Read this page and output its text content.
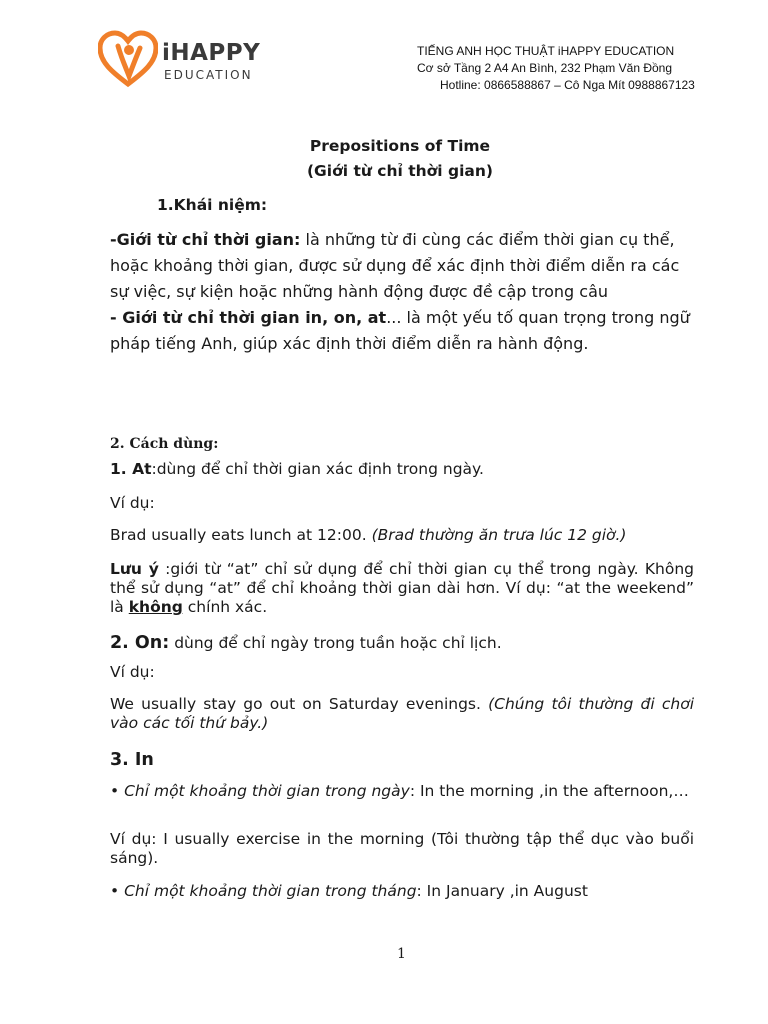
iHAPPY
EDUCATION
TIẾNG ANH HỌC THUẬT iHAPPY EDUCATION
Cơ sở Tầng 2 A4 An Bình, 232 Phạm Văn Đồng
Hotline: 0866588867 – Cô Nga Mít 0988867123
Prepositions of Time
(Giới từ chỉ thời gian)
1.Khái niệm:
-Giới từ chỉ thời gian: là những từ đi cùng các điểm thời gian cụ thể, hoặc khoảng thời gian, được sử dụng để xác định thời điểm diễn ra các sự việc, sự kiện hoặc những hành động được đề cập trong câu
- Giới từ chỉ thời gian in, on, at... là một yếu tố quan trọng trong ngữ pháp tiếng Anh, giúp xác định thời điểm diễn ra hành động.
2. Cách dùng:
1. At:dùng để chỉ thời gian xác định trong ngày.
Ví dụ:
Brad usually eats lunch at 12:00. (Brad thường ăn trưa lúc 12 giờ.)
Lưu ý :giới từ “at” chỉ sử dụng để chỉ thời gian cụ thể trong ngày. Không thể sử dụng “at” để chỉ khoảng thời gian dài hơn. Ví dụ: “at the weekend” là không chính xác.
2. On: dùng để chỉ ngày trong tuần hoặc chỉ lịch.
Ví dụ:
We usually stay go out on Saturday evenings. (Chúng tôi thường đi chơi vào các tối thứ bảy.)
3. In
• Chỉ một khoảng thời gian trong ngày: In the morning ,in the afternoon,…
Ví dụ: I usually exercise in the morning (Tôi thường tập thể dục vào buổi sáng).
• Chỉ một khoảng thời gian trong tháng: In January ,in August
1
